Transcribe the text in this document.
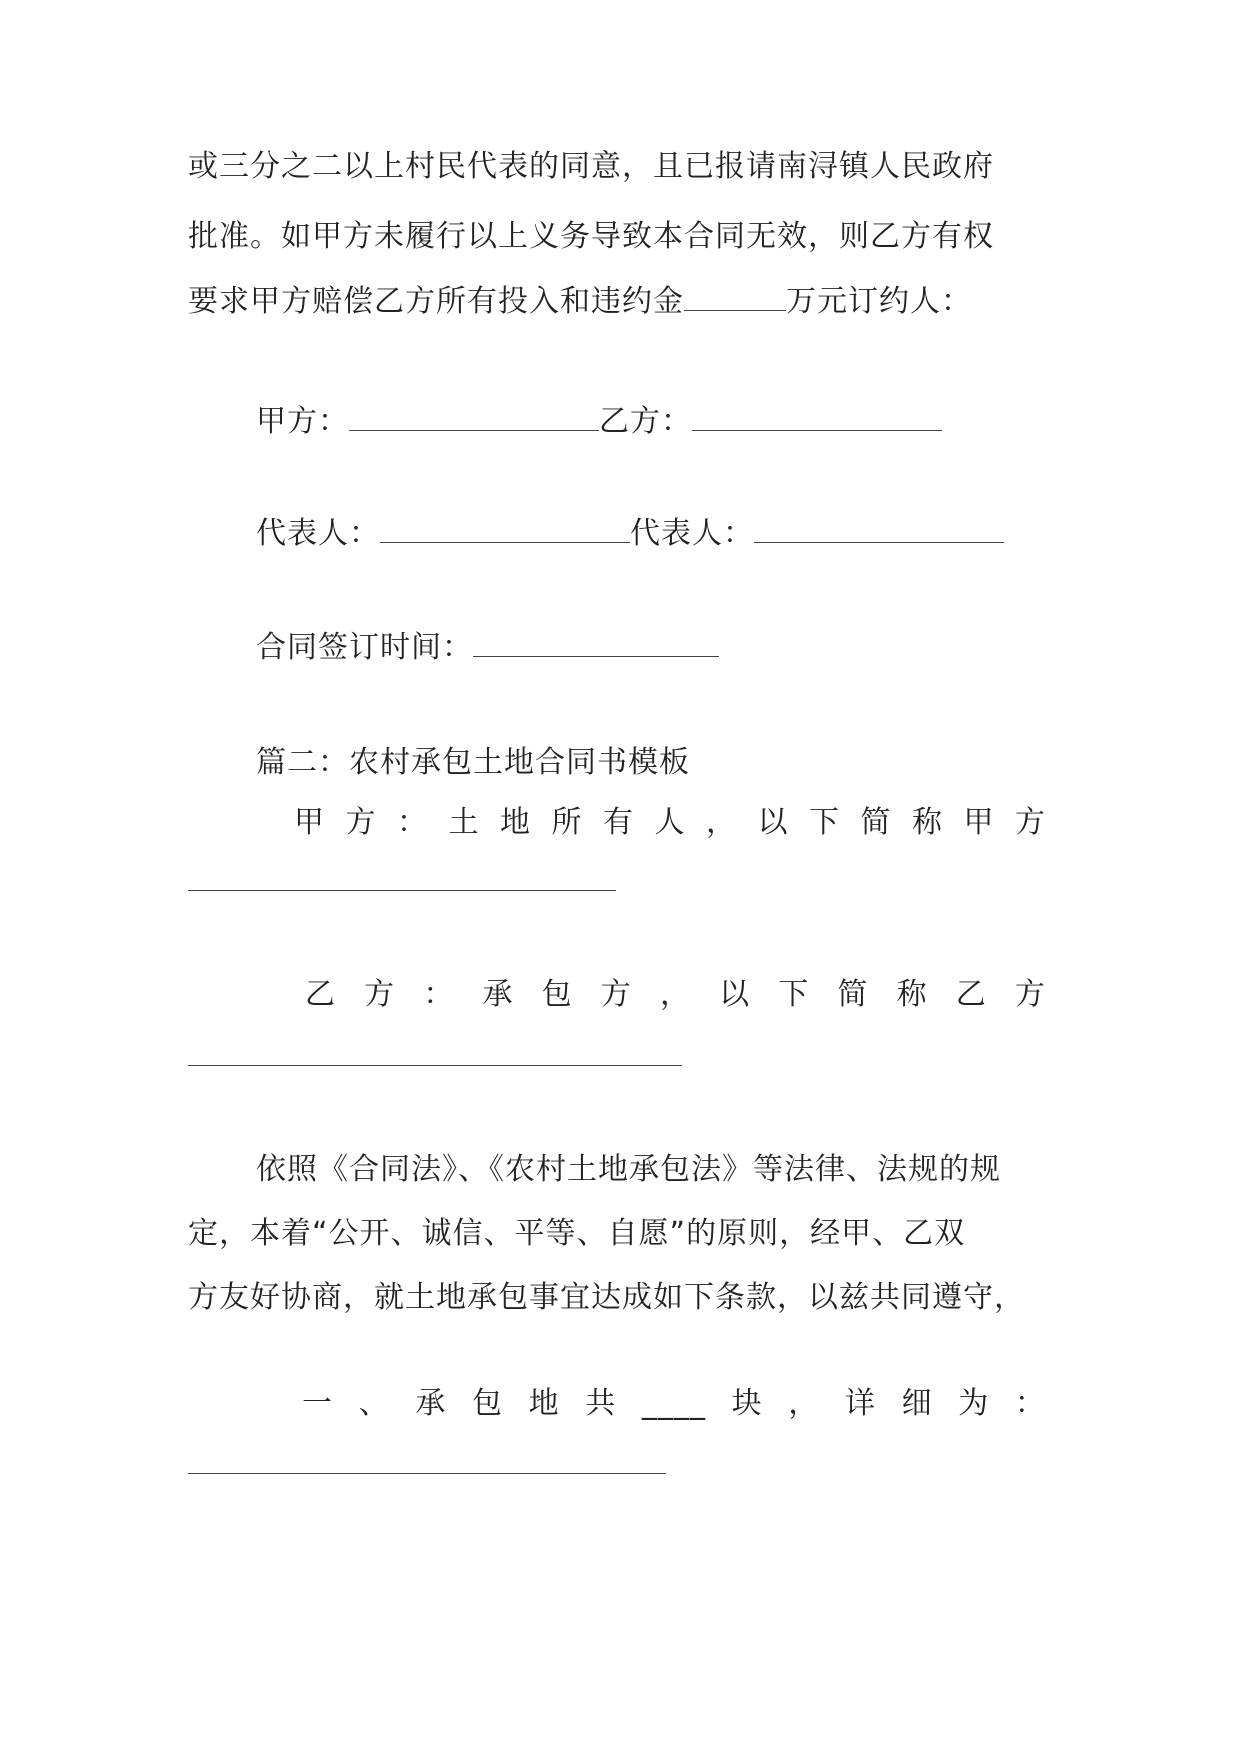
或三分之二以上村民代表的同意，且已报请南浔镇人民政府
批准。如甲方未履行以上义务导致本合同无效，则乙方有权
要求甲方赔偿乙方所有投入和违约金	万元订约人：
甲方：	乙方：
代表人：	代表人：
合同签订时间：
篇二：农村承包土地合同书模板
甲 方 ： 土 地 所 有 人 ， 以 下 简 称 甲 方
乙 方 ： 承 包 方 ， 以 下 简 称 乙 方
依照《合同法》、《农村土地承包法》等法律、法规的规
定，本着“公开、诚信、平等、自愿”的原则，经甲、乙双
方友好协商，就土地承包事宜达成如下条款，以兹共同遵守，
一 、 承 包 地 共 ____ 块 ， 详 细 为 ：
